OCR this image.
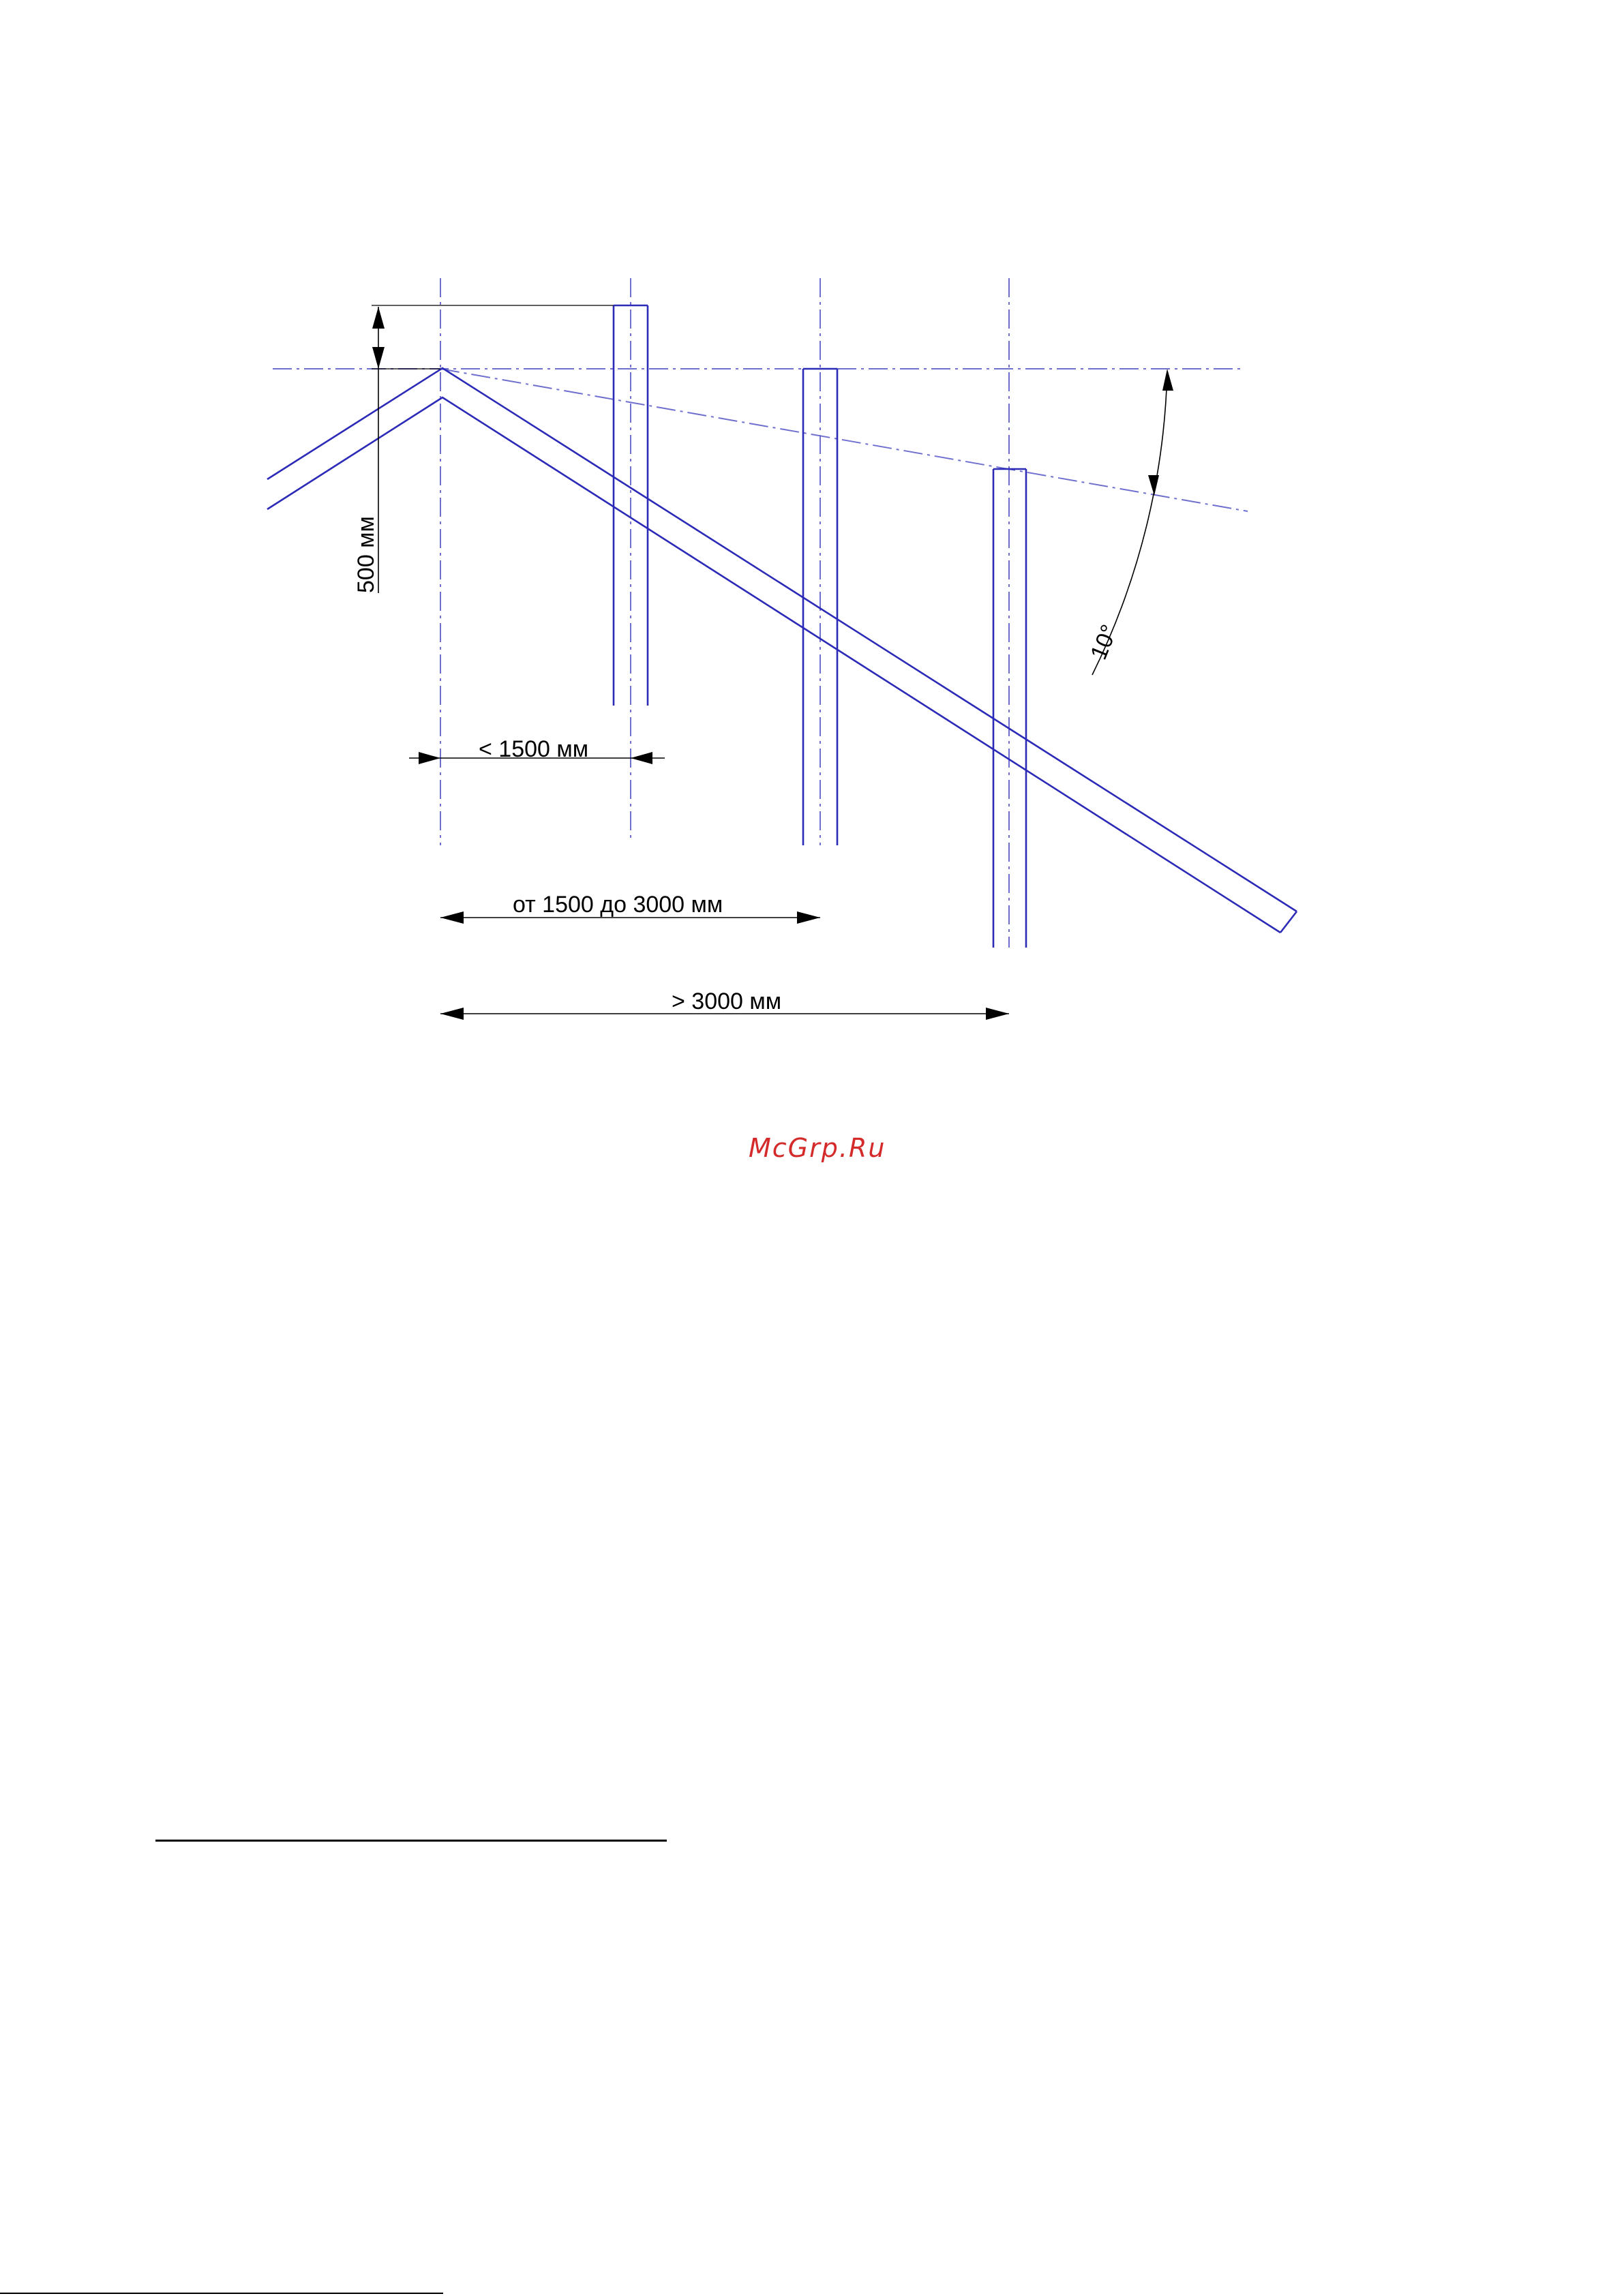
500 мм
< 1500 мм
от 1500 до 3000 мм
> 3000 мм
10°
McGrp.Ru
